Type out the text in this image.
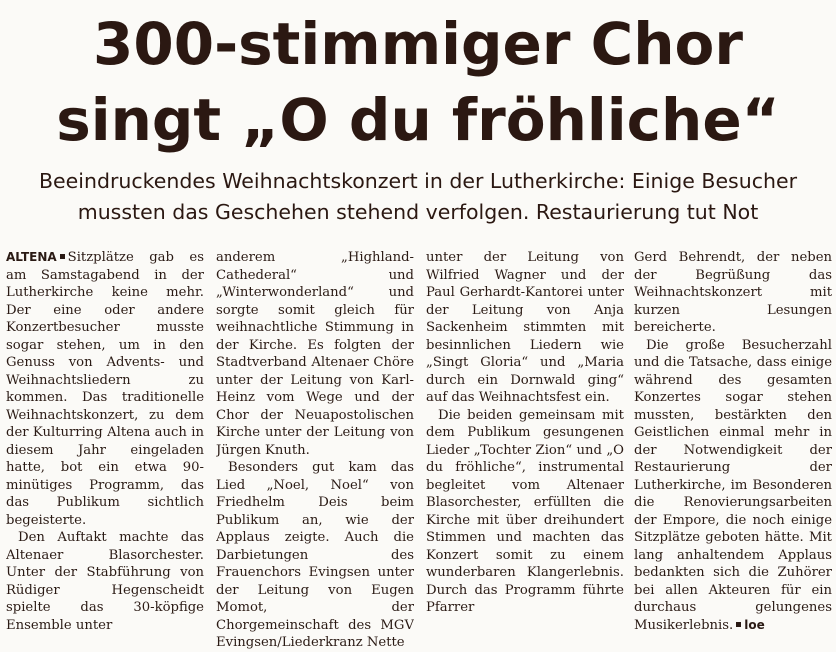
300-stimmiger Chor
singt „O du fröhliche“
Beeindruckendes Weihnachtskonzert in der Lutherkirche: Einige Besucher
mussten das Geschehen stehend verfolgen. Restaurierung tut Not

ALTENA Sitzplätze gab es am Samstagabend in der Lutherkirche keine mehr. Der eine oder andere Konzertbesucher musste sogar stehen, um in den Genuss von Advents- und Weihnachtsliedern zu kommen. Das traditionelle Weihnachtskonzert, zu dem der Kulturring Altena auch in diesem Jahr eingeladen hatte, bot ein etwa 90-minütiges Programm, das das Publikum sichtlich begeisterte.

Den Auftakt machte das Altenaer Blasorchester. Unter der Stabführung von Rüdiger Hegenscheidt spielte das 30-köpfige Ensemble unter

anderem „Highland-Cathederal“ und „Winterwonderland“ und sorgte somit gleich für weihnachtliche Stimmung in der Kirche. Es folgten der Stadtverband Altenaer Chöre unter der Leitung von Karl-Heinz vom Wege und der Chor der Neuapostolischen Kirche unter der Leitung von Jürgen Knuth.

Besonders gut kam das Lied „Noel, Noel“ von Friedhelm Deis beim Publikum an, wie der Applaus zeigte. Auch die Darbietungen des Frauenchors Evingsen unter der Leitung von Eugen Momot, der Chorgemeinschaft des MGV Evingsen/Liederkranz Nette

unter der Leitung von Wilfried Wagner und der Paul Gerhardt-Kantorei unter der Leitung von Anja Sackenheim stimmten mit besinnlichen Liedern wie „Singt Gloria“ und „Maria durch ein Dornwald ging“ auf das Weihnachtsfest ein.

Die beiden gemeinsam mit dem Publikum gesungenen Lieder „Tochter Zion“ und „O du fröhliche“, instrumental begleitet vom Altenaer Blasorchester, erfüllten die Kirche mit über dreihundert Stimmen und machten das Konzert somit zu einem wunderbaren Klangerlebnis. Durch das Programm führte Pfarrer

Gerd Behrendt, der neben der Begrüßung das Weihnachtskonzert mit kurzen Lesungen bereicherte.

Die große Besucherzahl und die Tatsache, dass einige während des gesamten Konzertes sogar stehen mussten, bestärkten den Geistlichen einmal mehr in der Notwendigkeit der Restaurierung der Lutherkirche, im Besonderen die Renovierungsarbeiten der Empore, die noch einige Sitzplätze geboten hätte. Mit lang anhaltendem Applaus bedankten sich die Zuhörer bei allen Akteuren für ein durchaus gelungenes Musikerlebnis. loe
